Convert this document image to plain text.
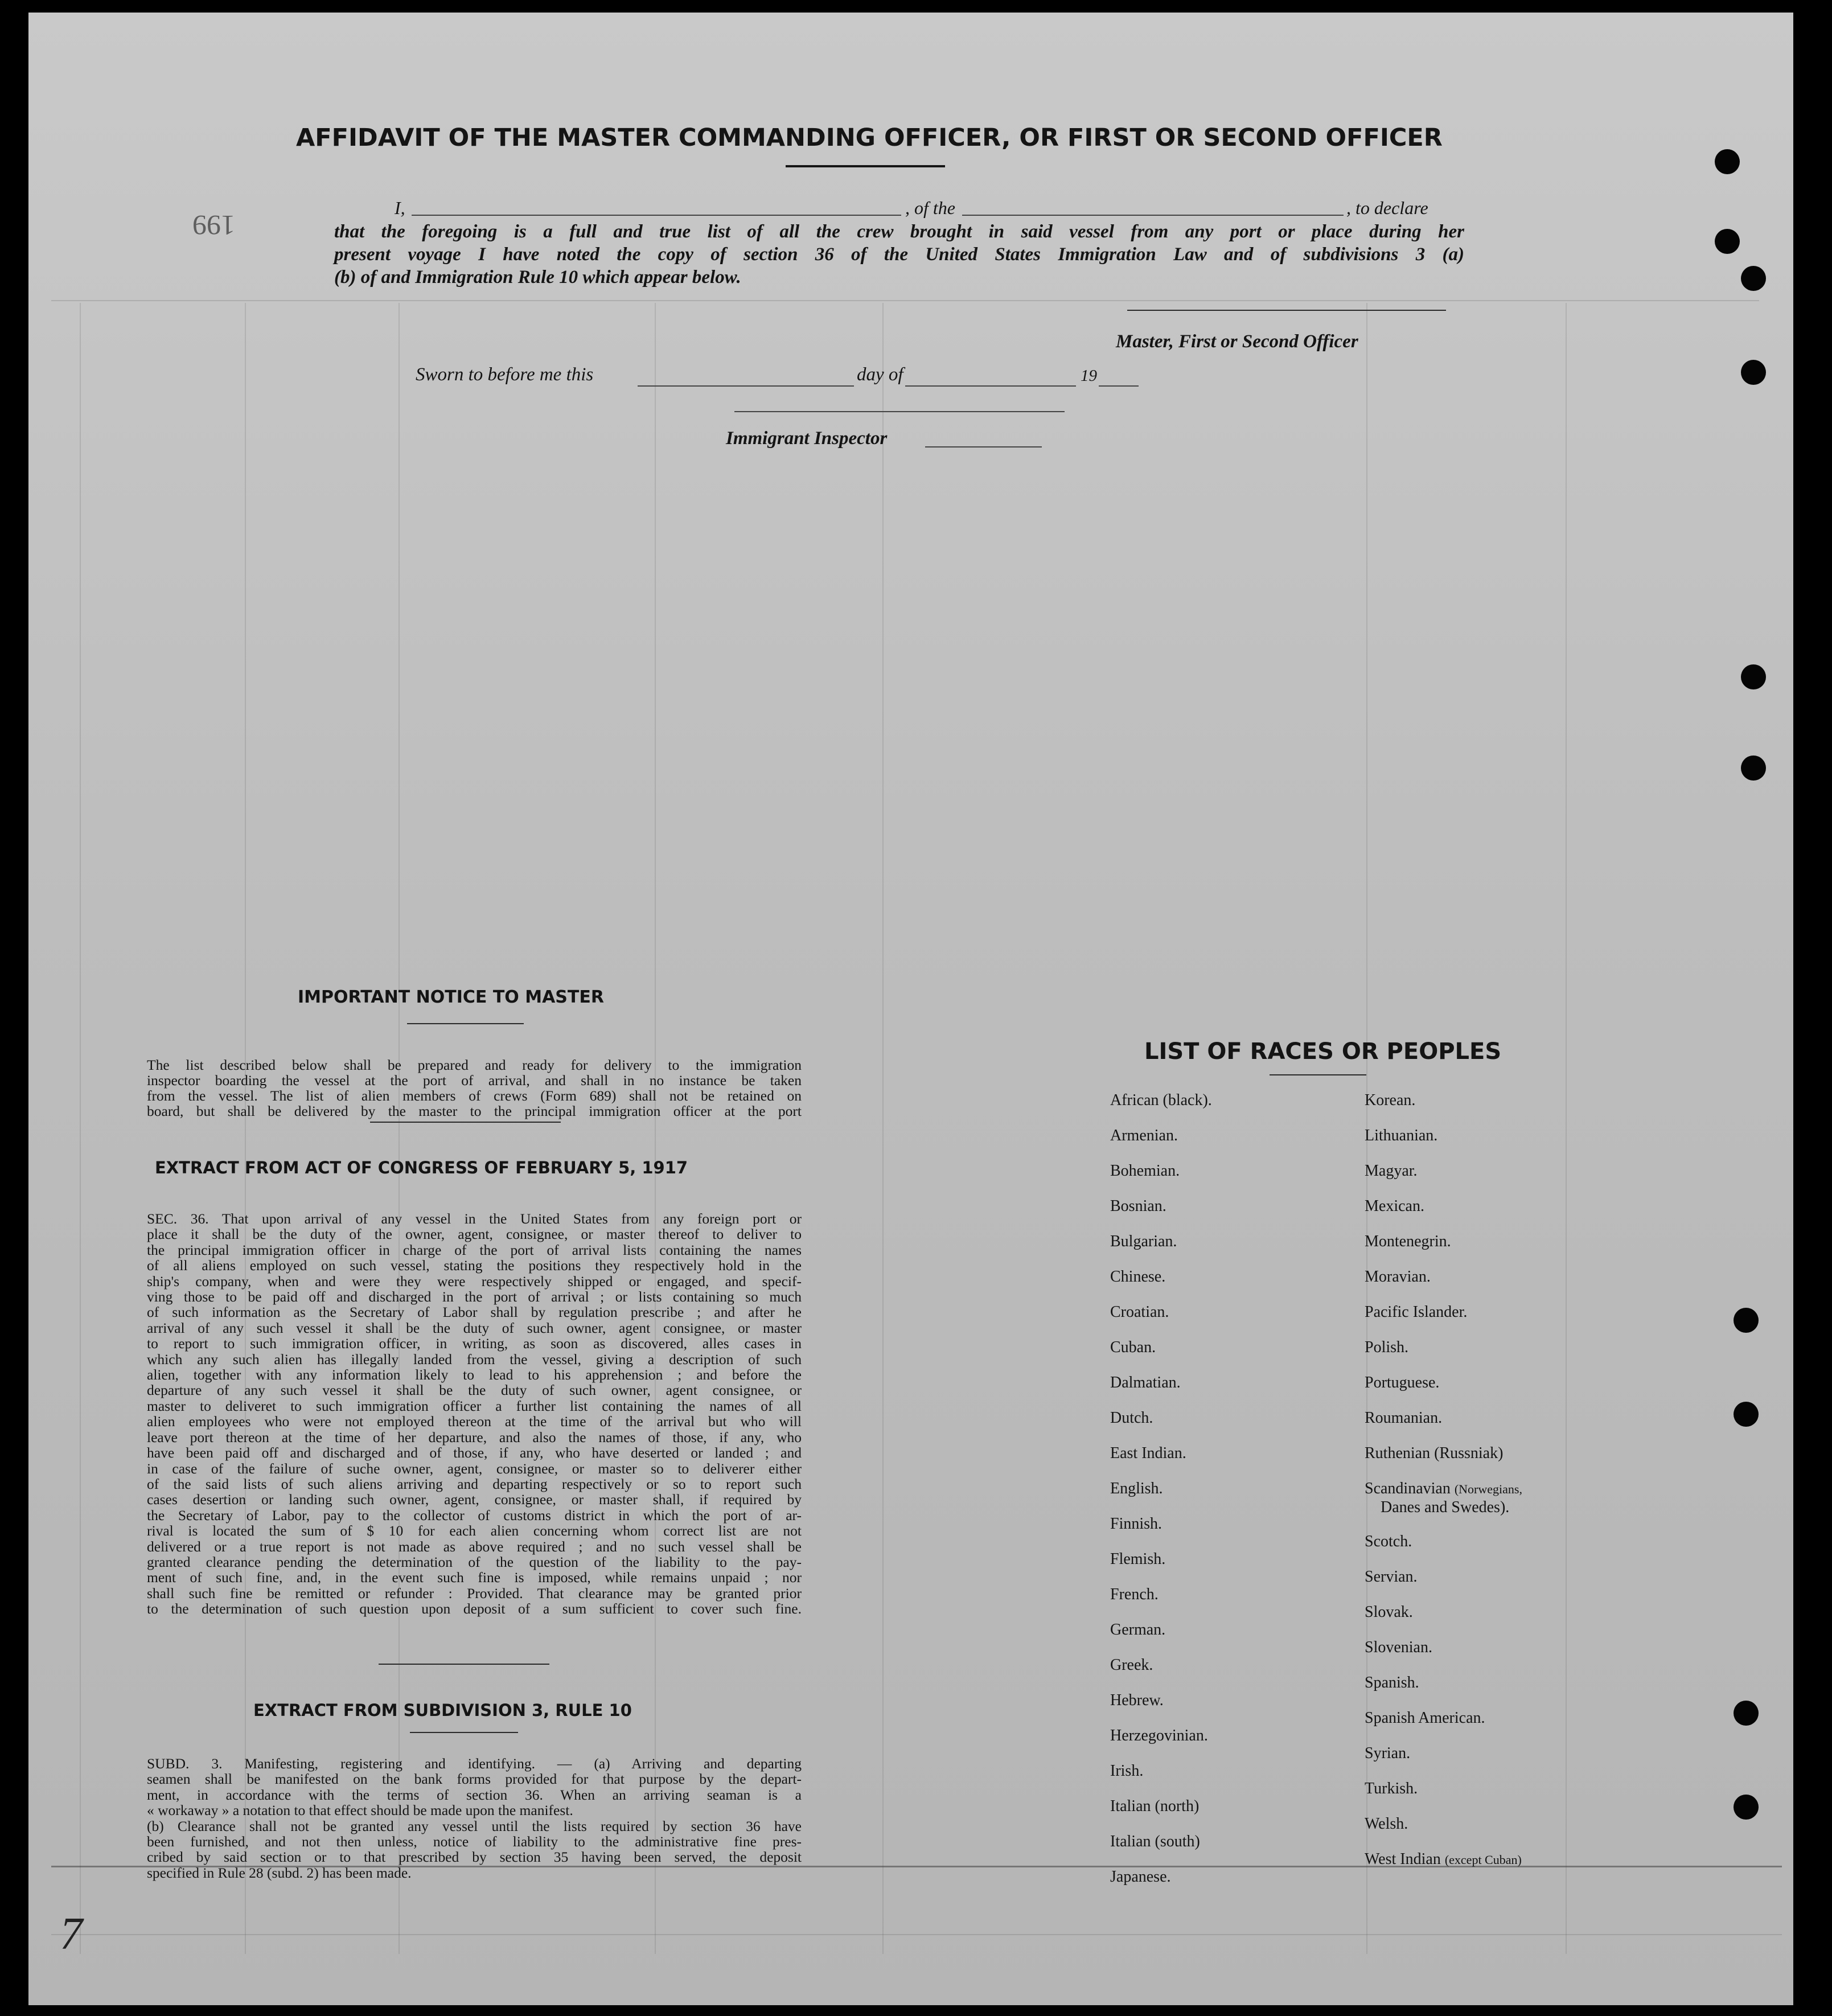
199
7
AFFIDAVIT OF THE MASTER COMMANDING OFFICER, OR FIRST OR SECOND OFFICER
I,	, of the	, to declare

that the foregoing is a full and true list of all the crew brought in said vessel from any port or place during her

present voyage I have noted the copy of section 36 of the United States Immigration Law and of subdivisions 3 (a)

(b) of and Immigration Rule 10 which appear below.

Master, First or Second Officer
Sworn to before me this	day of	19
Immigrant Inspector
IMPORTANT NOTICE TO MASTER

The list described below shall be prepared and ready for delivery to the immigration

inspector boarding the vessel at the port of arrival, and shall in no instance be taken

from the vessel. The list of alien members of crews (Form 689) shall not be retained on

board, but shall be delivered by the master to the principal immigration officer at the port

EXTRACT FROM ACT OF CONGRESS OF FEBRUARY 5, 1917

SEC. 36. That upon arrival of any vessel in the United States from any foreign port or

place it shall be the duty of the owner, agent, consignee, or master thereof to deliver to

the principal immigration officer in charge of the port of arrival lists containing the names

of all aliens employed on such vessel, stating the positions they respectively hold in the

ship's company, when and were they were respectively shipped or engaged, and specif-

ving those to be paid off and discharged in the port of arrival ; or lists containing so much

of such information as the Secretary of Labor shall by regulation prescribe ; and after he

arrival of any such vessel it shall be the duty of such owner, agent consignee, or master

to report to such immigration officer, in writing, as soon as discovered, alles cases in

which any such alien has illegally landed from the vessel, giving a description of such

alien, together with any information likely to lead to his apprehension ; and before the

departure of any such vessel it shall be the duty of such owner, agent consignee, or

master to deliveret to such immigration officer a further list containing the names of all

alien employees who were not employed thereon at the time of the arrival but who will

leave port thereon at the time of her departure, and also the names of those, if any, who

have been paid off and discharged and of those, if any, who have deserted or landed ; and

in case of the failure of suche owner, agent, consignee, or master so to deliverer either

of the said lists of such aliens arriving and departing respectively or so to report such

cases desertion or landing such owner, agent, consignee, or master shall, if required by

the Secretary of Labor, pay to the collector of customs district in which the port of ar-

rival is located the sum of $ 10 for each alien concerning whom correct list are not

delivered or a true report is not made as above required ; and no such vessel shall be

granted clearance pending the determination of the question of the liability to the pay-

ment of such fine, and, in the event such fine is imposed, while remains unpaid ; nor

shall such fine be remitted or refunder : Provided. That clearance may be granted prior

to the determination of such question upon deposit of a sum sufficient to cover such fine.

EXTRACT FROM SUBDIVISION 3, RULE 10

SUBD. 3. Manifesting, registering and identifying. — (a) Arriving and departing

seamen shall be manifested on the bank forms provided for that purpose by the depart-

ment, in accordance with the terms of section 36. When an arriving seaman is a

« workaway » a notation to that effect should be made upon the manifest.

(b) Clearance shall not be granted any vessel until the lists required by section 36 have

been furnished, and not then unless, notice of liability to the administrative fine pres-

cribed by said section or to that prescribed by section 35 having been served, the deposit

specified in Rule 28 (subd. 2) has been made.

LIST OF RACES OR PEOPLES
African (black).
Armenian.
Bohemian.
Bosnian.
Bulgarian.
Chinese.
Croatian.
Cuban.
Dalmatian.
Dutch.
East Indian.
English.
Finnish.
Flemish.
French.
German.
Greek.
Hebrew.
Herzegovinian.
Irish.
Italian (north)
Italian (south)
Japanese.
Korean.
Lithuanian.
Magyar.
Mexican.
Montenegrin.
Moravian.
Pacific Islander.
Polish.
Portuguese.
Roumanian.
Ruthenian (Russniak)
Scandinavian (Norwegians,
Danes and Swedes).
Scotch.
Servian.
Slovak.
Slovenian.
Spanish.
Spanish American.
Syrian.
Turkish.
Welsh.
West Indian (except Cuban)
